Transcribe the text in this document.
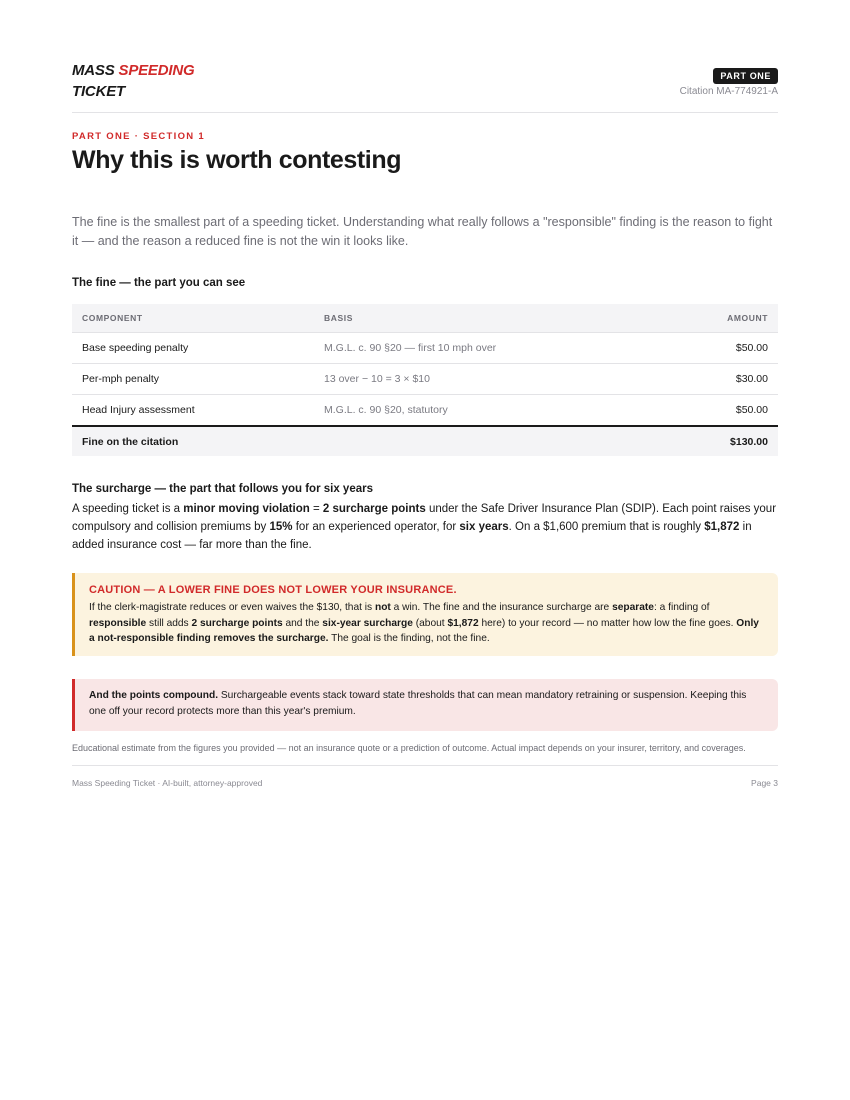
MASS SPEEDING
TICKET
PART ONE
Citation MA-774921-A
PART ONE · SECTION 1
Why this is worth contesting

The fine is the smallest part of a speeding ticket. Understanding what really follows a "responsible" finding is the reason to fight it — and the reason a reduced fine is not the win it looks like.

The fine — the part you can see
COMPONENT	BASIS	AMOUNT
Base speeding penalty	M.G.L. c. 90 §20 — first 10 mph over	$50.00
Per-mph penalty	13 over − 10 = 3 × $10	$30.00
Head Injury assessment	M.G.L. c. 90 §20, statutory	$50.00
Fine on the citation		$130.00
The surcharge — the part that follows you for six years

A speeding ticket is a minor moving violation = 2 surcharge points under the Safe Driver Insurance Plan (SDIP). Each point raises your compulsory and collision premiums by 15% for an experienced operator, for six years. On a $1,600 premium that is roughly $1,872 in added insurance cost — far more than the fine.

CAUTION — A LOWER FINE DOES NOT LOWER YOUR INSURANCE.

If the clerk-magistrate reduces or even waives the $130, that is not a win. The fine and the insurance surcharge are separate: a finding of responsible still adds 2 surcharge points and the six-year surcharge (about $1,872 here) to your record — no matter how low the fine goes. Only a not-responsible finding removes the surcharge. The goal is the finding, not the fine.

And the points compound. Surchargeable events stack toward state thresholds that can mean mandatory retraining or suspension. Keeping this one off your record protects more than this year's premium.

Educational estimate from the figures you provided — not an insurance quote or a prediction of outcome. Actual impact depends on your insurer, territory, and coverages.

Mass Speeding Ticket · AI-built, attorney-approved	Page 3
